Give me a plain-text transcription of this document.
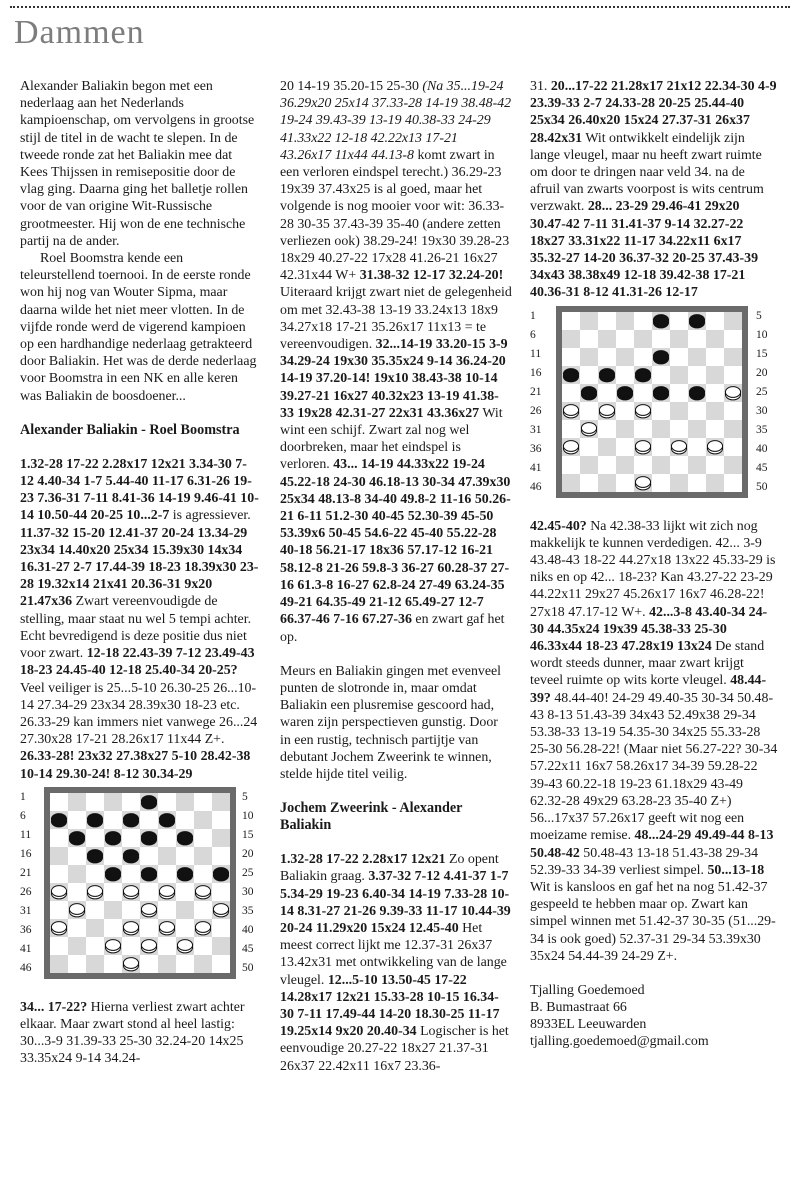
Dammen

Alexander Baliakin begon met een nederlaag aan het Nederlands kampioenschap, om vervolgens in grootse stijl de titel in de wacht te slepen. In de tweede ronde zat het Baliakin mee dat Kees Thijssen in remisepositie door de vlag ging. Daarna ging het balletje rollen voor de van origine Wit-Russische grootmeester. Hij won de ene technische partij na de ander.

Roel Boomstra kende een teleurstellend toernooi. In de eerste ronde won hij nog van Wouter Sipma, maar daarna wilde het niet meer vlotten. In de vijfde ronde werd de vigerend kampioen op een hardhandige nederlaag getrakteerd door Baliakin. Het was de derde nederlaag voor Boomstra in een NK en alle keren was Baliakin de boosdoener...

Alexander Baliakin - Roel Boomstra

1.32-28 17-22 2.28x17 12x21 3.34-30 7-12 4.40-34 1-7 5.44-40 11-17 6.31-26 19-23 7.36-31 7-11 8.41-36 14-19 9.46-41 10-14 10.50-44 20-25 10...2-7 is agressiever. 11.37-32 15-20 12.41-37 20-24 13.34-29 23x34 14.40x20 25x34 15.39x30 14x34 16.31-27 2-7 17.44-39 18-23 18.39x30 23-28 19.32x14 21x41 20.36-31 9x20 21.47x36 Zwart vereenvoudigde de stelling, maar staat nu wel 5 tempi achter. Echt bevredigend is deze positie dus niet voor zwart. 12-18 22.43-39 7-12 23.49-43 18-23 24.45-40 12-18 25.40-34 20-25? Veel veiliger is 25...5-10 26.30-25 26...10-14 27.34-29 23x34 28.39x30 18-23 etc. 26.33-29 kan immers niet vanwege 26...24 27.30x28 17-21 28.26x17 11x44 Z+. 26.33-28! 23x32 27.38x27 5-10 28.42-38 10-14 29.30-24! 8-12 30.34-29

1
6
11
16
21
26
31
36
41
46
5
10
15
20
25
30
35
40
45
50

34... 17-22? Hierna verliest zwart achter elkaar. Maar zwart stond al heel lastig: 30...3-9 31.39-33 25-30 32.24-20 14x25 33.35x24 9-14 34.24-

20 14-19 35.20-15 25-30 (Na 35...19-24 36.29x20 25x14 37.33-28 14-19 38.48-42 19-24 39.43-39 13-19 40.38-33 24-29 41.33x22 12-18 42.22x13 17-21 43.26x17 11x44 44.13-8 komt zwart in een verloren eindspel terecht.) 36.29-23 19x39 37.43x25 is al goed, maar het volgende is nog mooier voor wit: 36.33-28 30-35 37.43-39 35-40 (andere zetten verliezen ook) 38.29-24! 19x30 39.28-23 18x29 40.27-22 17x28 41.26-21 16x27 42.31x44 W+ 31.38-32 12-17 32.24-20! Uiteraard krijgt zwart niet de gelegenheid om met 32.43-38 13-19 33.24x13 18x9 34.27x18 17-21 35.26x17 11x13 = te vereenvoudigen. 32...14-19 33.20-15 3-9 34.29-24 19x30 35.35x24 9-14 36.24-20 14-19 37.20-14! 19x10 38.43-38 10-14 39.27-21 16x27 40.32x23 13-19 41.38-33 19x28 42.31-27 22x31 43.36x27 Wit wint een schijf. Zwart zal nog wel doorbreken, maar het eindspel is verloren. 43... 14-19 44.33x22 19-24 45.22-18 24-30 46.18-13 30-34 47.39x30 25x34 48.13-8 34-40 49.8-2 11-16 50.26-21 6-11 51.2-30 40-45 52.30-39 45-50 53.39x6 50-45 54.6-22 45-40 55.22-28 40-18 56.21-17 18x36 57.17-12 16-21 58.12-8 21-26 59.8-3 36-27 60.28-37 27-16 61.3-8 16-27 62.8-24 27-49 63.24-35 49-21 64.35-49 21-12 65.49-27 12-7 66.37-46 7-16 67.27-36 en zwart gaf het op.

Meurs en Baliakin gingen met evenveel punten de slotronde in, maar omdat Baliakin een plusremise gescoord had, waren zijn perspectieven gunstig. Door in een rustig, technisch partijtje van debutant Jochem Zweerink te winnen, stelde hijde titel veilig.

Jochem Zweerink - Alexander Baliakin

1.32-28 17-22 2.28x17 12x21 Zo opent Baliakin graag. 3.37-32 7-12 4.41-37 1-7 5.34-29 19-23 6.40-34 14-19 7.33-28 10-14 8.31-27 21-26 9.39-33 11-17 10.44-39 20-24 11.29x20 15x24 12.45-40 Het meest correct lijkt me 12.37-31 26x37 13.42x31 met ontwikkeling van de lange vleugel. 12...5-10 13.50-45 17-22 14.28x17 12x21 15.33-28 10-15 16.34-30 7-11 17.49-44 14-20 18.30-25 11-17 19.25x14 9x20 20.40-34 Logischer is het eenvoudige 20.27-22 18x27 21.37-31 26x37 22.42x11 16x7 23.36-

31. 20...17-22 21.28x17 21x12 22.34-30 4-9 23.39-33 2-7 24.33-28 20-25 25.44-40 25x34 26.40x20 15x24 27.37-31 26x37 28.42x31 Wit ontwikkelt eindelijk zijn lange vleugel, maar nu heeft zwart ruimte om door te dringen naar veld 34. na de afruil van zwarts voorpost is wits centrum verzwakt. 28... 23-29 29.46-41 29x20 30.47-42 7-11 31.41-37 9-14 32.27-22 18x27 33.31x22 11-17 34.22x11 6x17 35.32-27 14-20 36.37-32 20-25 37.43-39 34x43 38.38x49 12-18 39.42-38 17-21 40.36-31 8-12 41.31-26 12-17

1
6
11
16
21
26
31
36
41
46
5
10
15
20
25
30
35
40
45
50

42.45-40? Na 42.38-33 lijkt wit zich nog makkelijk te kunnen verdedigen. 42... 3-9 43.48-43 18-22 44.27x18 13x22 45.33-29 is niks en op 42... 18-23? Kan 43.27-22 23-29 44.22x11 29x27 45.26x17 16x7 46.28-22! 27x18 47.17-12 W+. 42...3-8 43.40-34 24-30 44.35x24 19x39 45.38-33 25-30 46.33x44 18-23 47.28x19 13x24 De stand wordt steeds dunner, maar zwart krijgt teveel ruimte op wits korte vleugel. 48.44-39? 48.44-40! 24-29 49.40-35 30-34 50.48-43 8-13 51.43-39 34x43 52.49x38 29-34 53.38-33 13-19 54.35-30 34x25 55.33-28 25-30 56.28-22! (Maar niet 56.27-22? 30-34 57.22x11 16x7 58.26x17 34-39 59.28-22 39-43 60.22-18 19-23 61.18x29 43-49 62.32-28 49x29 63.28-23 35-40 Z+) 56...17x37 57.26x17 geeft wit nog een moeizame remise. 48...24-29 49.49-44 8-13 50.48-42 50.48-43 13-18 51.43-38 29-34 52.39-33 34-39 verliest simpel. 50...13-18 Wit is kansloos en gaf het na nog 51.42-37 gespeeld te hebben maar op. Zwart kan simpel winnen met 51.42-37 30-35 (51...29-34 is ook goed) 52.37-31 29-34 53.39x30 35x24 54.44-39 24-29 Z+.

Tjalling Goedemoed
B. Bumastraat 66
8933EL Leeuwarden
tjalling.goedemoed@gmail.com
